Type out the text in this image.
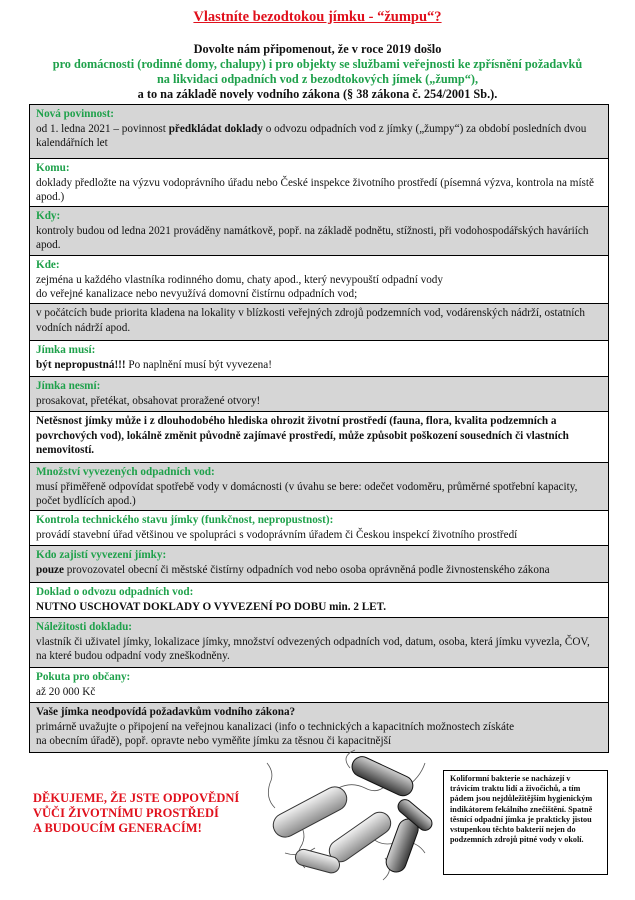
Vlastníte bezodtokou jímku - “žumpu“?
Dovolte nám připomenout, že v roce 2019 došlo
pro domácnosti (rodinné domy, chalupy) i pro objekty se službami veřejnosti ke zpřísnění požadavků
na likvidaci odpadních vod z bezodtokových jímek („žump“),
a to na základě novely vodního zákona (§ 38 zákona č. 254/2001 Sb.).
Nová povinnost:
od 1. ledna 2021 – povinnost předkládat doklady o odvozu odpadních vod z jímky („žumpy“) za období posledních dvou kalendářních let
Komu:
doklady předložte na výzvu vodoprávního úřadu nebo České inspekce životního prostředí (písemná výzva, kontrola na místě apod.)
Kdy:
kontroly budou od ledna 2021 prováděny namátkově, popř. na základě podnětu, stížnosti, při vodohospodářských haváriích apod.
Kde:
zejména u každého vlastníka rodinného domu, chaty apod., který nevypouští odpadní vody
do veřejné kanalizace nebo nevyužívá domovní čistírnu odpadních vod;
v počátcích bude priorita kladena na lokality v blízkosti veřejných zdrojů podzemních vod, vodárenských nádrží, ostatních vodních nádrží apod.
Jímka musí:
být nepropustná!!! Po naplnění musí být vyvezena!
Jímka nesmí:
prosakovat, přetékat, obsahovat proražené otvory!
Netěsnost jímky může i z dlouhodobého hlediska ohrozit životní prostředí (fauna, flora, kvalita podzemních a povrchových vod), lokálně změnit původně zajímavé prostředí, může způsobit poškození sousedních či vlastních nemovitostí.
Množství vyvezených odpadních vod:
musí přiměřeně odpovídat spotřebě vody v domácnosti (v úvahu se bere: odečet vodoměru, průměrné spotřební kapacity, počet bydlících apod.)
Kontrola technického stavu jímky (funkčnost, nepropustnost):
provádí stavební úřad většinou ve spolupráci s vodoprávním úřadem či Českou inspekcí životního prostředí
Kdo zajistí vyvezení jímky:
pouze provozovatel obecní či městské čistírny odpadních vod nebo osoba oprávněná podle živnostenského zákona
Doklad o odvozu odpadních vod:
NUTNO USCHOVAT DOKLADY O VYVEZENÍ PO DOBU min. 2 LET.
Náležitosti dokladu:
vlastník či uživatel jímky, lokalizace jímky, množství odvezených odpadních vod, datum, osoba, která jímku vyvezla, ČOV, na které budou odpadní vody zneškodněny.
Pokuta pro občany:
až 20 000 Kč
Vaše jímka neodpovídá požadavkům vodního zákona?
primárně uvažujte o připojení na veřejnou kanalizaci (info o technických a kapacitních možnostech získáte
na obecním úřadě), popř. opravte nebo vyměňte jímku za těsnou či kapacitnější
DĚKUJEME, ŽE JSTE ODPOVĚDNÍ
VŮČI ŽIVOTNÍMU PROSTŘEDÍ
A BUDOUCÍM GENERACÍM!
Koliformní bakterie se nacházejí v trávicím traktu lidí a živočichů, a tím pádem jsou nejdůležitějším hygienickým indikátorem fekálního znečištění. Spatně těsnící odpadní jímka je prakticky jistou vstupenkou těchto bakterií nejen do podzemních zdrojů pitné vody v okolí.
